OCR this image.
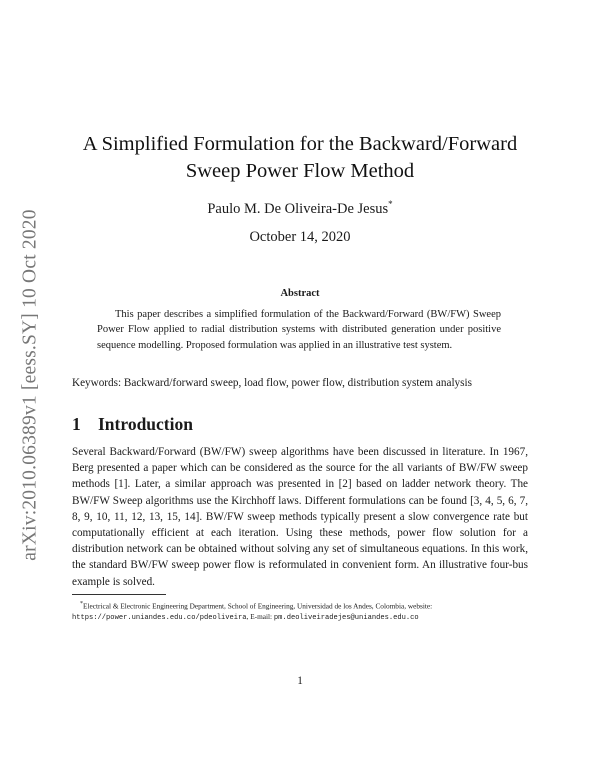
arXiv:2010.06389v1 [eess.SY] 10 Oct 2020
A Simplified Formulation for the Backward/Forward
Sweep Power Flow Method
Paulo M. De Oliveira-De Jesus*
October 14, 2020
Abstract
This paper describes a simplified formulation of the Backward/Forward (BW/FW) Sweep Power Flow applied to radial distribution systems with distributed generation under positive sequence modelling. Proposed formulation was applied in an illustrative test system.
Keywords: Backward/forward sweep, load flow, power flow, distribution system analysis
1 Introduction
Several Backward/Forward (BW/FW) sweep algorithms have been discussed in literature. In 1967, Berg presented a paper which can be considered as the source for the all variants of BW/FW sweep methods [1]. Later, a similar approach was presented in [2] based on ladder network theory. The BW/FW Sweep algorithms use the Kirchhoff laws. Different formulations can be found [3, 4, 5, 6, 7, 8, 9, 10, 11, 12, 13, 15, 14]. BW/FW sweep methods typically present a slow convergence rate but computationally efficient at each iteration. Using these methods, power flow solution for a distribution network can be obtained without solving any set of simultaneous equations. In this work, the standard BW/FW sweep power flow is reformulated in convenient form. An illustrative four-bus example is solved.
*Electrical & Electronic Engineering Department, School of Engineering, Universidad de los Andes, Colombia, website: https://power.uniandes.edu.co/pdeoliveira, E-mail: pm.deoliveiradejes@uniandes.edu.co
1
